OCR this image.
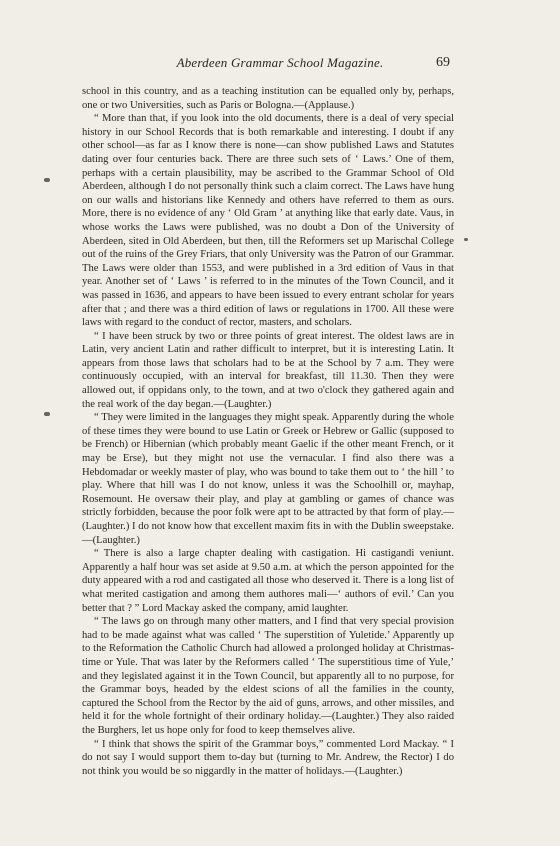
Aberdeen Grammar School Magazine.	69

school in this country, and as a teaching institution can be equalled only by, perhaps, one or two Universities, such as Paris or Bologna.—(Applause.)

“ More than that, if you look into the old documents, there is a deal of very special history in our School Records that is both remarkable and interesting. I doubt if any other school—as far as I know there is none—can show published Laws and Statutes dating over four centuries back. There are three such sets of ‘ Laws.’ One of them, perhaps with a certain plausibility, may be ascribed to the Grammar School of Old Aberdeen, although I do not personally think such a claim correct. The Laws have hung on our walls and historians like Kennedy and others have referred to them as ours. More, there is no evidence of any ‘ Old Gram ’ at anything like that early date. Vaus, in whose works the Laws were published, was no doubt a Don of the University of Aberdeen, sited in Old Aberdeen, but then, till the Reformers set up Marischal College out of the ruins of the Grey Friars, that only University was the Patron of our Grammar. The Laws were older than 1553, and were published in a 3rd edition of Vaus in that year. Another set of ‘ Laws ’ is referred to in the minutes of the Town Council, and it was passed in 1636, and appears to have been issued to every entrant scholar for years after that ; and there was a third edition of laws or regulations in 1700. All these were laws with regard to the conduct of rector, masters, and scholars.

“ I have been struck by two or three points of great interest. The oldest laws are in Latin, very ancient Latin and rather difficult to interpret, but it is interesting Latin. It appears from those laws that scholars had to be at the School by 7 a.m. They were continuously occupied, with an interval for breakfast, till 11.30. Then they were allowed out, if oppidans only, to the town, and at two o'clock they gathered again and the real work of the day began.—(Laughter.)

“ They were limited in the languages they might speak. Apparently during the whole of these times they were bound to use Latin or Greek or Hebrew or Gallic (supposed to be French) or Hibernian (which probably meant Gaelic if the other meant French, or it may be Erse), but they might not use the vernacular. I find also there was a Hebdomadar or weekly master of play, who was bound to take them out to ‘ the hill ’ to play. Where that hill was I do not know, unless it was the Schoolhill or, mayhap, Rosemount. He oversaw their play, and play at gambling or games of chance was strictly forbidden, because the poor folk were apt to be attracted by that form of play.—(Laughter.) I do not know how that excellent maxim fits in with the Dublin sweepstake.—(Laughter.)

“ There is also a large chapter dealing with castigation. Hi castigandi veniunt. Apparently a half hour was set aside at 9.50 a.m. at which the person appointed for the duty appeared with a rod and castigated all those who deserved it. There is a long list of what merited castigation and among them authores mali—‘ authors of evil.’ Can you better that ? ” Lord Mackay asked the company, amid laughter.

“ The laws go on through many other matters, and I find that very special provision had to be made against what was called ‘ The superstition of Yuletide.’ Apparently up to the Reformation the Catholic Church had allowed a prolonged holiday at Christmas-time or Yule. That was later by the Reformers called ‘ The superstitious time of Yule,’ and they legislated against it in the Town Council, but apparently all to no purpose, for the Grammar boys, headed by the eldest scions of all the families in the county, captured the School from the Rector by the aid of guns, arrows, and other missiles, and held it for the whole fortnight of their ordinary holiday.—(Laughter.) They also raided the Burghers, let us hope only for food to keep themselves alive.

“ I think that shows the spirit of the Grammar boys,” commented Lord Mackay. “ I do not say I would support them to-day but (turning to Mr. Andrew, the Rector) I do not think you would be so niggardly in the matter of holidays.—(Laughter.)
